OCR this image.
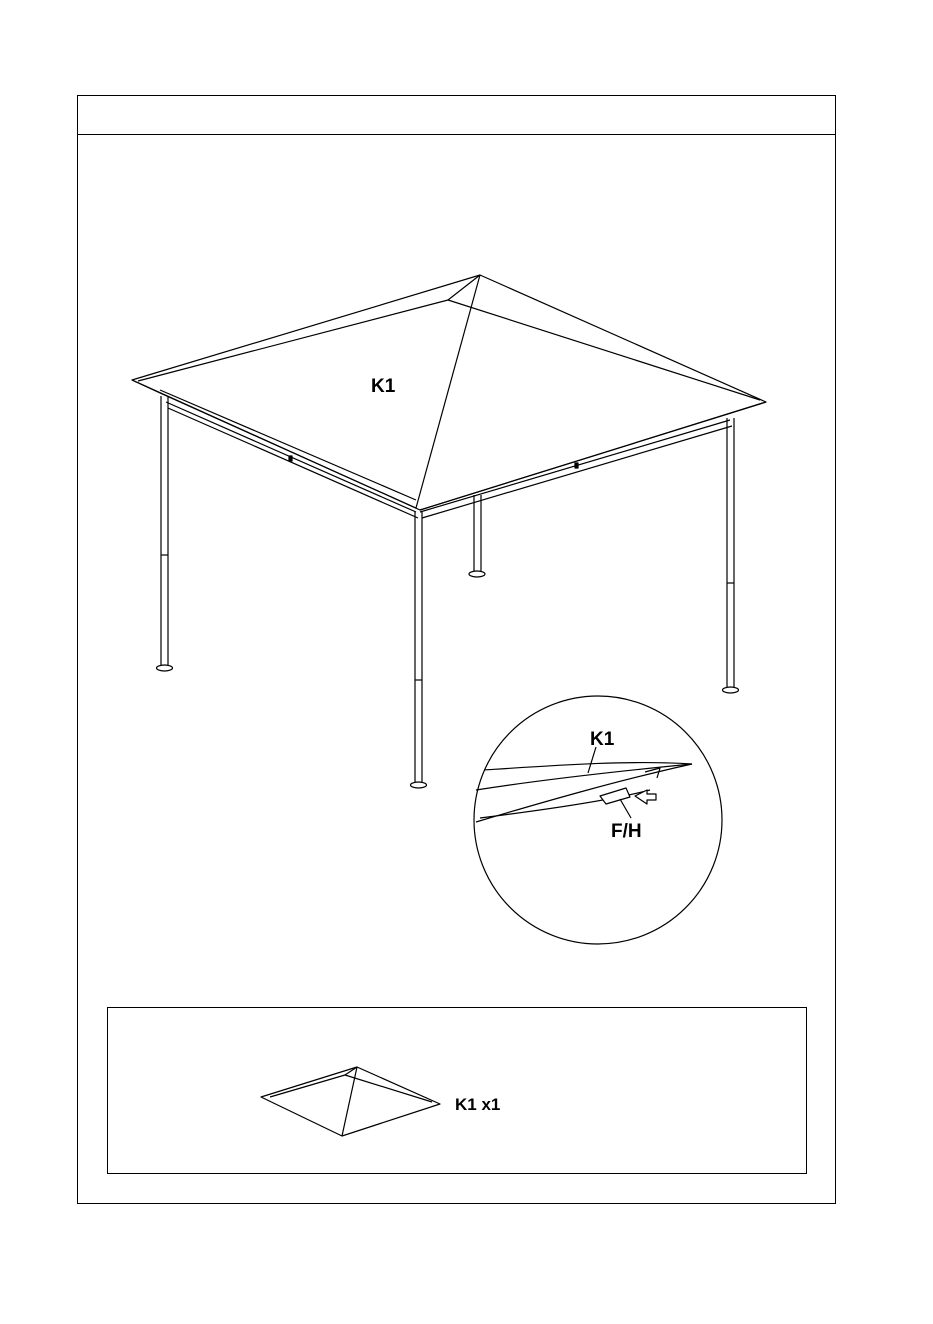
K1
K1
F/H
K1 x1
